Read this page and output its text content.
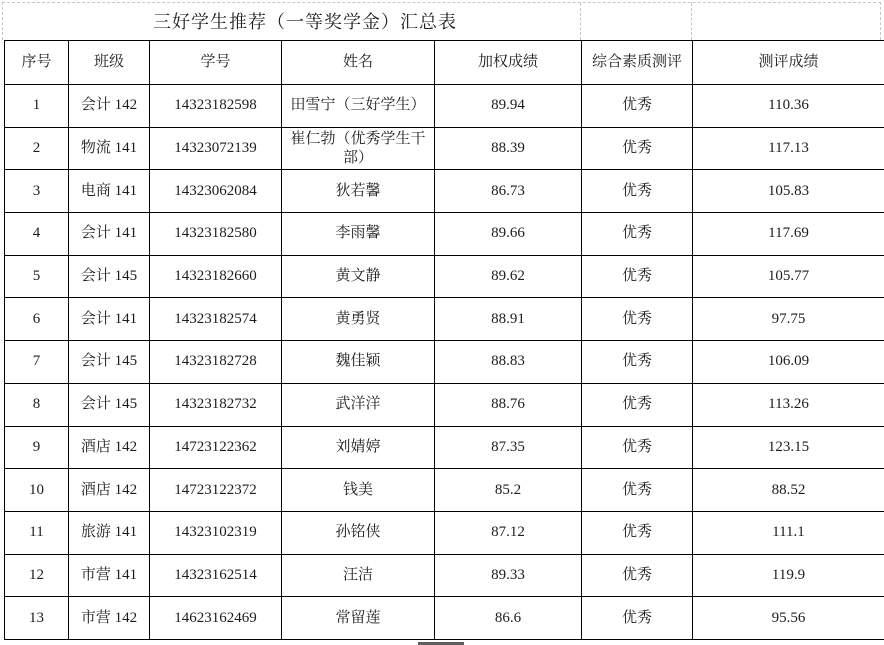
三好学生推荐（一等奖学金）汇总表
序号	班级	学号	姓名	加权成绩	综合素质测评	测评成绩
1	会计 142	14323182598	田雪宁（三好学生）	89.94	优秀	110.36
2	物流 141	14323072139	崔仁勃（优秀学生干部）	88.39	优秀	117.13
3	电商 141	14323062084	狄若馨	86.73	优秀	105.83
4	会计 141	14323182580	李雨馨	89.66	优秀	117.69
5	会计 145	14323182660	黄文静	89.62	优秀	105.77
6	会计 141	14323182574	黄勇贤	88.91	优秀	97.75
7	会计 145	14323182728	魏佳颖	88.83	优秀	106.09
8	会计 145	14323182732	武洋洋	88.76	优秀	113.26
9	酒店 142	14723122362	刘婧婷	87.35	优秀	123.15
10	酒店 142	14723122372	钱美	85.2	优秀	88.52
11	旅游 141	14323102319	孙铭侠	87.12	优秀	111.1
12	市营 141	14323162514	汪洁	89.33	优秀	119.9
13	市营 142	14623162469	常留莲	86.6	优秀	95.56
